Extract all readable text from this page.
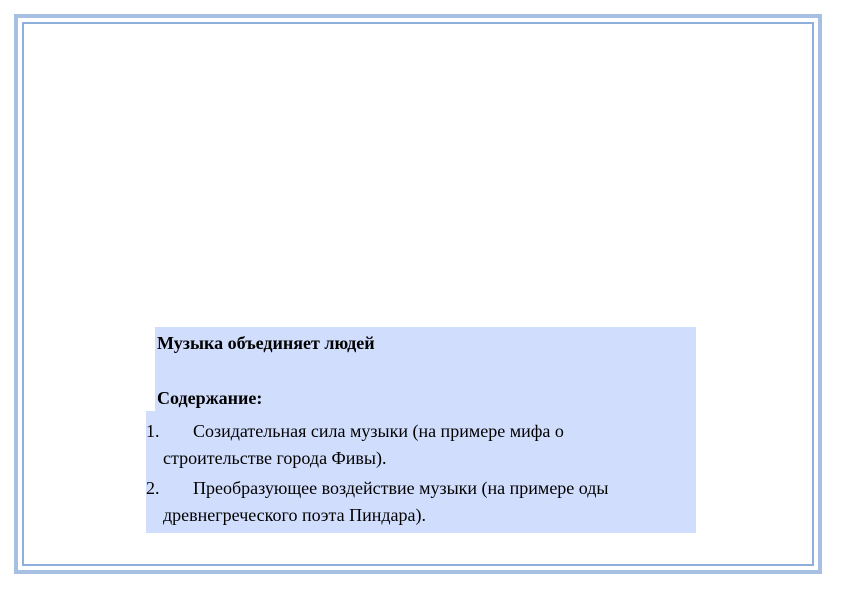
Музыка объединяет людей
Содержание:
1.	Созидательная сила музыки (на примере мифа о
строительстве города Фивы).
2.	Преобразующее воздействие музыки (на примере оды
древнегреческого поэта Пиндара).
